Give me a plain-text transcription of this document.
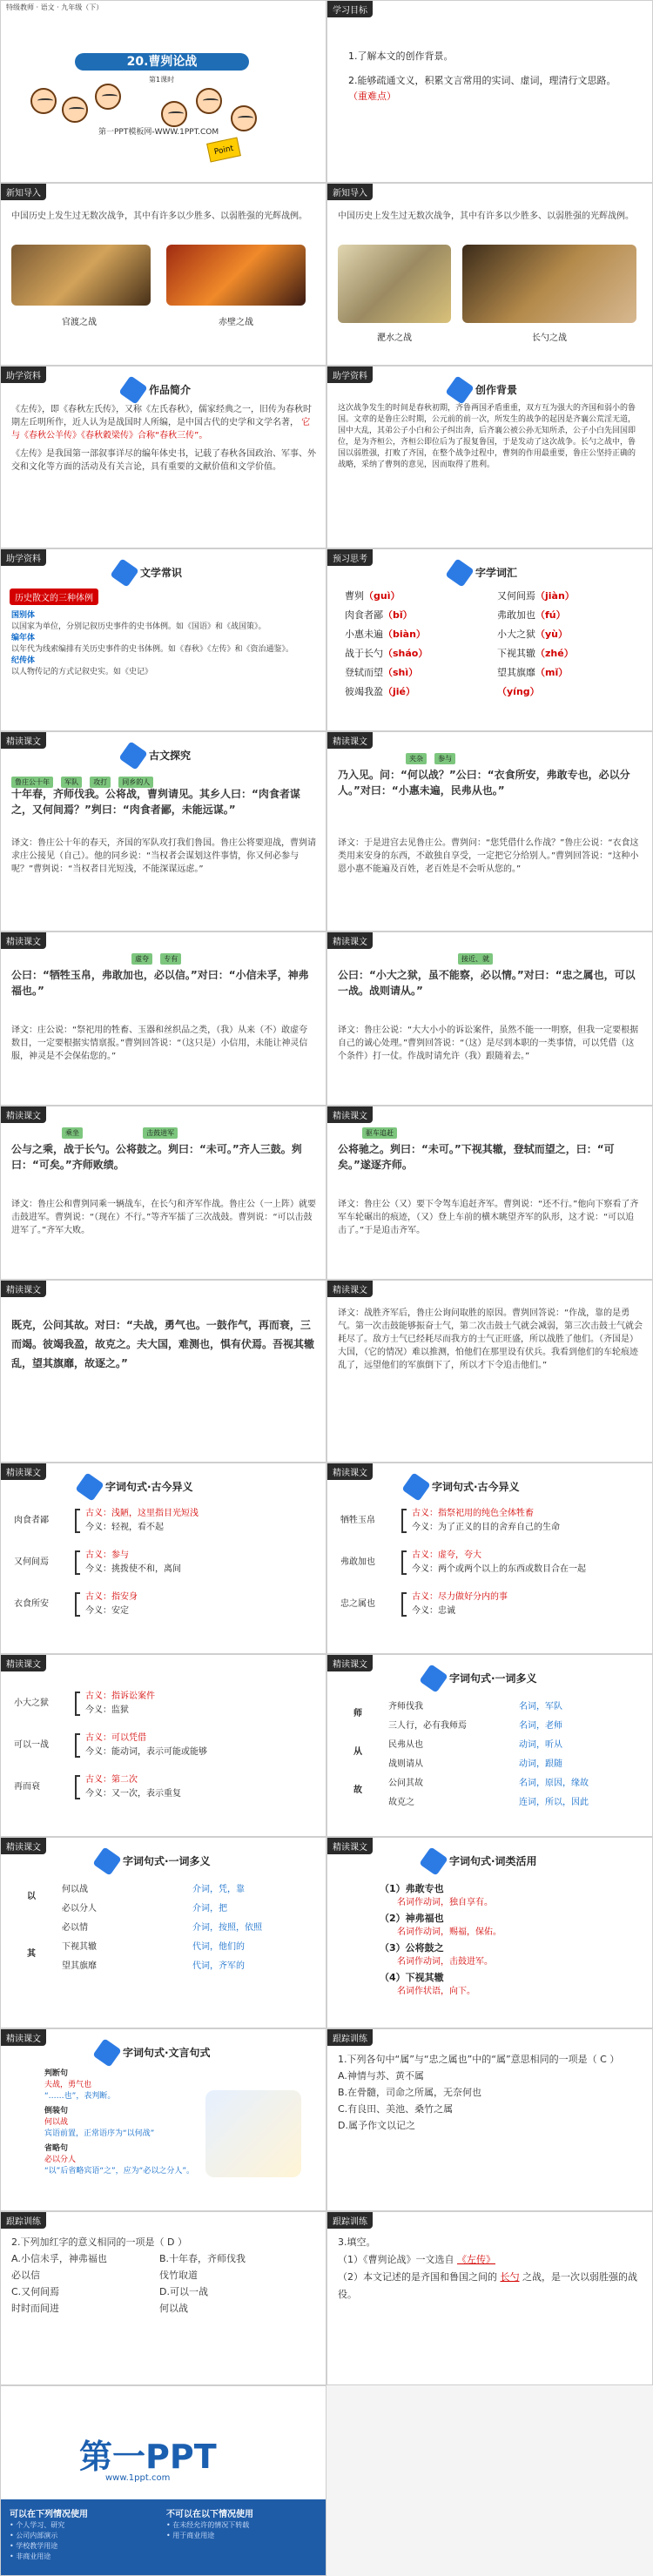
特级教师 · 语文 · 九年级（下）
20.曹刿论战
第1课时
Point
第一PPT模板网-WWW.1PPT.COM
学习目标
1.了解本文的创作背景。
2.能够疏通文义，积累文言常用的实词、虚词，理清行文思路。 （重难点）
新知导入
中国历史上发生过无数次战争，其中有许多以少胜多、以弱胜强的光辉战例。
官渡之战	赤壁之战
新知导入
中国历史上发生过无数次战争，其中有许多以少胜多、以弱胜强的光辉战例。
淝水之战	长勺之战
助学资料
作品简介
《左传》，即《春秋左氏传》，又称《左氏春秋》，儒家经典之一，旧传为春秋时期左丘明所作，近人认为是战国时人所编，是中国古代的史学和文学名著， 它与《春秋公羊传》《春秋穀梁传》合称“春秋三传”。
《左传》是我国第一部叙事详尽的编年体史书，记载了春秋各国政治、军事、外交和文化等方面的活动及有关言论，具有重要的文献价值和文学价值。
助学资料
创作背景
这次战争发生的时间是春秋初期，齐鲁两国矛盾重重，双方互为强大的齐国和弱小的鲁国。文章的是鲁庄公时期，公元前的前一次，所发生的战争的起因是齐襄公荒淫无道，国中大乱，其弟公子小白和公子纠出奔，后齐襄公被公孙无知所杀，公子小白先回国即位，是为齐桓公，齐桓公即位后为了报复鲁国，于是发动了这次战争。长勺之战中，鲁国以弱胜强，打败了齐国，在整个战争过程中，曹刿的作用最重要，鲁庄公坚持正确的战略，采纳了曹刿的意见，因而取得了胜利。
助学资料
文学常识
历史散文的三种体例
国别体
以国家为单位，分别记叙历史事件的史书体例。如《国语》和《战国策》。
编年体
以年代为线索编排有关历史事件的史书体例。如《春秋》《左传》和《资治通鉴》。
纪传体
以人物传记的方式记叙史实。如《史记》
预习思考
字学词汇
曹刿（guì）	又何间焉（jiàn）
肉食者鄙（bǐ）	弗敢加也（fú）
小惠未遍（biàn）	小大之狱（yù）
战于长勺（sháo）	下视其辙（zhé）
登轼而望（shì）	望其旗靡（mǐ）
彼竭我盈（jié）	（yíng）
精读课文
古文探究
鲁庄公十年 军队 攻打 同乡的人
十年春，齐师伐我。公将战，曹刿请见。其乡人曰：“肉食者谋之，又何间焉？”刿曰：“肉食者鄙，未能远谋。”
译文：鲁庄公十年的春天，齐国的军队攻打我们鲁国。鲁庄公将要迎战，曹刿请求庄公接见（自己）。他的同乡说：“当权者会谋划这件事情，你又何必参与呢？”曹刿说：“当权者目光短浅，不能深谋远虑。”
精读课文
夹杂 参与
乃入见。问：“何以战？”公曰：“衣食所安，弗敢专也，必以分人。”对曰：“小惠未遍，民弗从也。”
译文：于是进宫去见鲁庄公。曹刿问：“您凭借什么作战？”鲁庄公说：“衣食这类用来安身的东西，不敢独自享受，一定把它分给别人。”曹刿回答说：“这种小恩小惠不能遍及百姓，老百姓是不会听从您的。”
精读课文
虚夸 专有
公曰：“牺牲玉帛，弗敢加也，必以信。”对曰：“小信未孚，神弗福也。”
译文：庄公说：“祭祀用的牲畜、玉器和丝织品之类，（我）从来（不）敢虚夸数目，一定要根据实情禀报。”曹刿回答说：“（这只是）小信用，未能让神灵信服，神灵是不会保佑您的。”
精读课文
接近、就
公曰：“小大之狱，虽不能察，必以情。”对曰：“忠之属也，可以一战。战则请从。”
译文：鲁庄公说：“大大小小的诉讼案件，虽然不能一一明察，但我一定要根据自己的诚心处理。”曹刿回答说：“（这）是尽到本职的一类事情，可以凭借（这个条件）打一仗。作战时请允许（我）跟随着去。”
精读课文
乘坐	击鼓进军
公与之乘，战于长勺。公将鼓之。刿曰：“未可。”齐人三鼓。刿曰：“可矣。”齐师败绩。
译文：鲁庄公和曹刿同乘一辆战车，在长勺和齐军作战。鲁庄公（一上阵）就要击鼓进军。曹刿说：“（现在）不行。”等齐军擂了三次战鼓。曹刿说：“可以击鼓进军了。”齐军大败。
精读课文
驱车追赶
公将驰之。刿曰：“未可。”下视其辙，登轼而望之，曰：“可矣。”遂逐齐师。
译文：鲁庄公（又）要下令驾车追赶齐军。曹刿说：“还不行。”他向下察看了齐军车轮碾出的痕迹，（又）登上车前的横木眺望齐军的队形，这才说：“可以追击了。”于是追击齐军。
精读课文
既克，公问其故。对曰：“夫战，勇气也。一鼓作气，再而衰，三而竭。彼竭我盈，故克之。夫大国，难测也，惧有伏焉。吾视其辙乱，望其旗靡，故逐之。”
精读课文
译文：战胜齐军后，鲁庄公询问取胜的原因。曹刿回答说：“作战，靠的是勇气。第一次击鼓能够振奋士气，第二次击鼓士气就会减弱，第三次击鼓士气就会耗尽了。敌方士气已经耗尽而我方的士气正旺盛，所以战胜了他们。（齐国是）大国，（它的情况）难以推测，怕他们在那里设有伏兵。我看到他们的车轮痕迹乱了，远望他们的军旗倒下了，所以才下令追击他们。”
精读课文
字词句式·古今异义
肉食者鄙
古义：浅陋，这里指目光短浅
今义：轻视，看不起
又何间焉
古义：参与
今义：挑拨使不和，离间
衣食所安
古义：指安身
今义：安定
精读课文
字词句式·古今异义
牺牲玉帛
古义：指祭祀用的纯色全体牲畜
今义：为了正义的目的舍弃自己的生命
弗敢加也
古义：虚夸，夸大
今义：两个或两个以上的东西或数目合在一起
忠之属也
古义：尽力做好分内的事
今义：忠诚
精读课文
小大之狱
古义：指诉讼案件
今义：监狱
可以一战
古义：可以凭借
今义：能动词，表示可能或能够
再而衰
古义：第二次
今义：又一次，表示重复
精读课文
字词句式·一词多义
师
齐师伐我	名词，军队
三人行，必有我师焉	名词，老师
从
民弗从也	动词，听从
战则请从	动词，跟随
故
公问其故	名词，原因，缘故
故克之	连词，所以，因此
精读课文
字词句式·一词多义
以
何以战	介词，凭，靠
必以分人	介词，把
必以情	介词，按照，依照
其
下视其辙	代词，他们的
望其旗靡	代词，齐军的
精读课文
字词句式·词类活用
（1）弗敢专也
名词作动词，独自享有。
（2）神弗福也
名词作动词，赐福，保佑。
（3）公将鼓之
名词作动词，击鼓进军。
（4）下视其辙
名词作状语，向下。
精读课文
字词句式·文言句式
判断句
夫战，勇气也
“……也”，表判断。
倒装句
何以战
宾语前置，正常语序为“以何战”
省略句
必以分人
“以”后省略宾语“之”，应为“必以之分人”。
跟踪训练
1.下列各句中“属”与“忠之属也”中的“属”意思相同的一项是（ C ）
A.神情与苏、黄不属
B.在骨髓，司命之所属，无奈何也
C.有良田、美池、桑竹之属
D.属予作文以记之
跟踪训练
2.下列加红字的意义相同的一项是（ D ）
A.小信未孚，神弗福也	B.十年春，齐师伐我
必以信	伐竹取道
C.又何间焉	D.可以一战
时时而间进	何以战
跟踪训练
3.填空。
（1）《曹刿论战》一文选自 《左传》
（2）本文记述的是齐国和鲁国之间的 长勺 之战，是一次以弱胜强的战役。
第一PPT
www.1ppt.com
可以在下列情况使用
• 个人学习、研究
• 公司内部演示
• 学校教学用途
• 非商业用途
不可以在以下情况使用
• 在未经允许的情况下转载
• 用于商业用途
